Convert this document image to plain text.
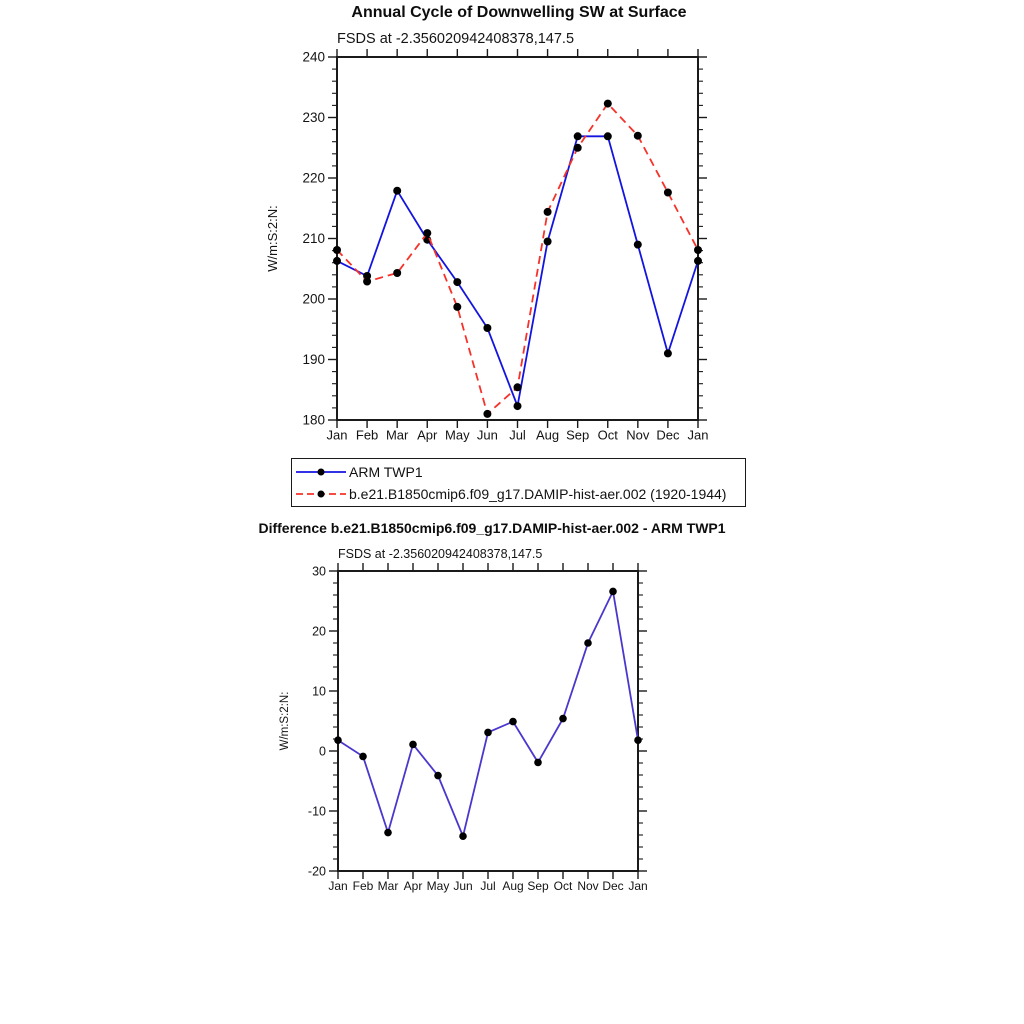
Annual Cycle of Downwelling SW at Surface
FSDS at -2.356020942408378,147.5
180
190
200
210
220
230
240
Jan Feb Mar Apr May Jun Jul Aug Sep Oct Nov Dec Jan
W/m:S:2:N:
ARM TWP1
b.e21.B1850cmip6.f09_g17.DAMIP-hist-aer.002 (1920-1944)
Difference b.e21.B1850cmip6.f09_g17.DAMIP-hist-aer.002 - ARM TWP1
FSDS at -2.356020942408378,147.5
-20
-10
0
10
20
30
Jan Feb Mar Apr May Jun Jul Aug Sep Oct Nov Dec Jan
W/m:S:2:N:
